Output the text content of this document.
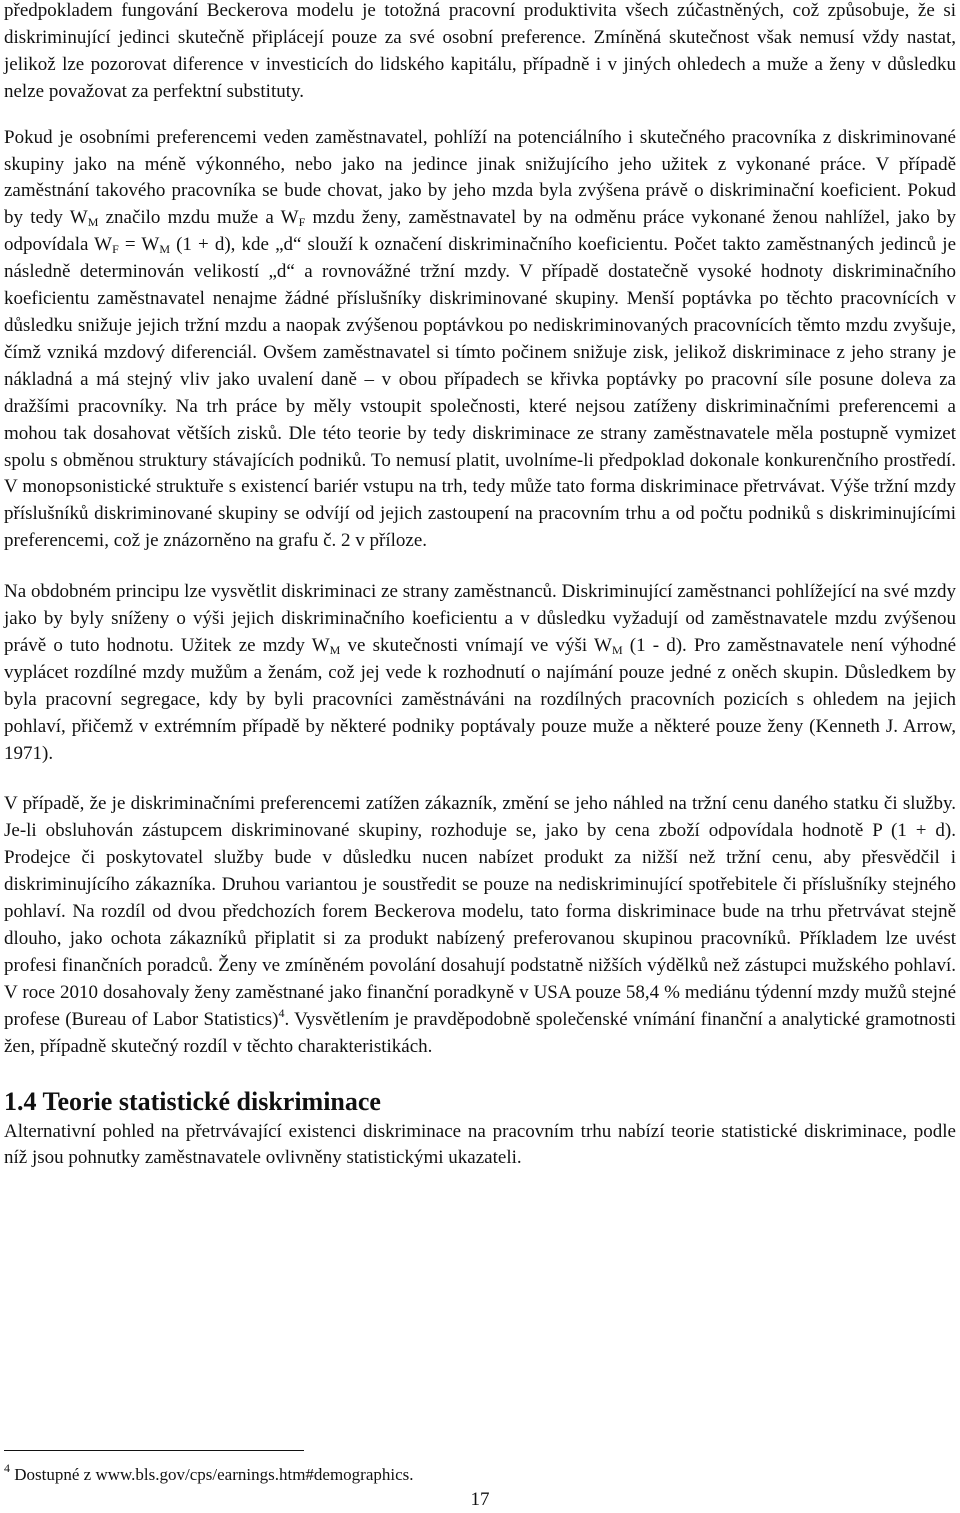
předpokladem fungování Beckerova modelu je totožná pracovní produktivita všech zúčastněných, což způsobuje, že si diskriminující jedinci skutečně připlácejí pouze za své osobní preference. Zmíněná skutečnost však nemusí vždy nastat, jelikož lze pozorovat diference v investicích do lidského kapitálu, případně i v jiných ohledech a muže a ženy v důsledku nelze považovat za perfektní substituty.

Pokud je osobními preferencemi veden zaměstnavatel, pohlíží na potenciálního i skutečného pracovníka z diskriminované skupiny jako na méně výkonného, nebo jako na jedince jinak snižujícího jeho užitek z vykonané práce. V případě zaměstnání takového pracovníka se bude chovat, jako by jeho mzda byla zvýšena právě o diskriminační koeficient. Pokud by tedy $W_M$ značilo mzdu muže a $W_F$ mzdu ženy, zaměstnavatel by na odměnu práce vykonané ženou nahlížel, jako by odpovídala $W_F = W_M$ (1 + d), kde „d“ slouží k označení diskriminačního koeficientu. Počet takto zaměstnaných jedinců je následně determinován velikostí „d“ a rovnovážné tržní mzdy. V případě dostatečně vysoké hodnoty diskriminačního koeficientu zaměstnavatel nenajme žádné příslušníky diskriminované skupiny. Menší poptávka po těchto pracovnících v důsledku snižuje jejich tržní mzdu a naopak zvýšenou poptávkou po nediskriminovaných pracovnících těmto mzdu zvyšuje, čímž vzniká mzdový diferenciál. Ovšem zaměstnavatel si tímto počinem snižuje zisk, jelikož diskriminace z jeho strany je nákladná a má stejný vliv jako uvalení daně – v obou případech se křivka poptávky po pracovní síle posune doleva za dražšími pracovníky. Na trh práce by měly vstoupit společnosti, které nejsou zatíženy diskriminačními preferencemi a mohou tak dosahovat větších zisků. Dle této teorie by tedy diskriminace ze strany zaměstnavatele měla postupně vymizet spolu s obměnou struktury stávajících podniků. To nemusí platit, uvolníme-li předpoklad dokonale konkurenčního prostředí. V monopsonistické struktuře s existencí bariér vstupu na trh, tedy může tato forma diskriminace přetrvávat. Výše tržní mzdy příslušníků diskriminované skupiny se odvíjí od jejich zastoupení na pracovním trhu a od počtu podniků s diskriminujícími preferencemi, což je znázorněno na grafu č. 2 v příloze.

Na obdobném principu lze vysvětlit diskriminaci ze strany zaměstnanců. Diskriminující zaměstnanci pohlížející na své mzdy jako by byly sníženy o výši jejich diskriminačního koeficientu a v důsledku vyžadují od zaměstnavatele mzdu zvýšenou právě o tuto hodnotu. Užitek ze mzdy $W_M$ ve skutečnosti vnímají ve výši $W_M$ (1 - d). Pro zaměstnavatele není výhodné vyplácet rozdílné mzdy mužům a ženám, což jej vede k rozhodnutí o najímání pouze jedné z oněch skupin. Důsledkem by byla pracovní segregace, kdy by byli pracovníci zaměstnáváni na rozdílných pracovních pozicích s ohledem na jejich pohlaví, přičemž v extrémním případě by některé podniky poptávaly pouze muže a některé pouze ženy (Kenneth J. Arrow, 1971).

V případě, že je diskriminačními preferencemi zatížen zákazník, změní se jeho náhled na tržní cenu daného statku či služby. Je-li obsluhován zástupcem diskriminované skupiny, rozhoduje se, jako by cena zboží odpovídala hodnotě P (1 + d). Prodejce či poskytovatel služby bude v důsledku nucen nabízet produkt za nižší než tržní cenu, aby přesvědčil i diskriminujícího zákazníka. Druhou variantou je soustředit se pouze na nediskriminující spotřebitele či příslušníky stejného pohlaví. Na rozdíl od dvou předchozích forem Beckerova modelu, tato forma diskriminace bude na trhu přetrvávat stejně dlouho, jako ochota zákazníků připlatit si za produkt nabízený preferovanou skupinou pracovníků. Příkladem lze uvést profesi finančních poradců. Ženy ve zmíněném povolání dosahují podstatně nižších výdělků než zástupci mužského pohlaví. V roce 2010 dosahovaly ženy zaměstnané jako finanční poradkyně v USA pouze 58,4 % mediánu týdenní mzdy mužů stejné profese (Bureau of Labor Statistics)$^4$. Vysvětlením je pravděpodobně společenské vnímání finanční a analytické gramotnosti žen, případně skutečný rozdíl v těchto charakteristikách.

1.4 Teorie statistické diskriminace

Alternativní pohled na přetrvávající existenci diskriminace na pracovním trhu nabízí teorie statistické diskriminace, podle níž jsou pohnutky zaměstnavatele ovlivněny statistickými ukazateli.

$^4$ Dostupné z www.bls.gov/cps/earnings.htm#demographics.
17
